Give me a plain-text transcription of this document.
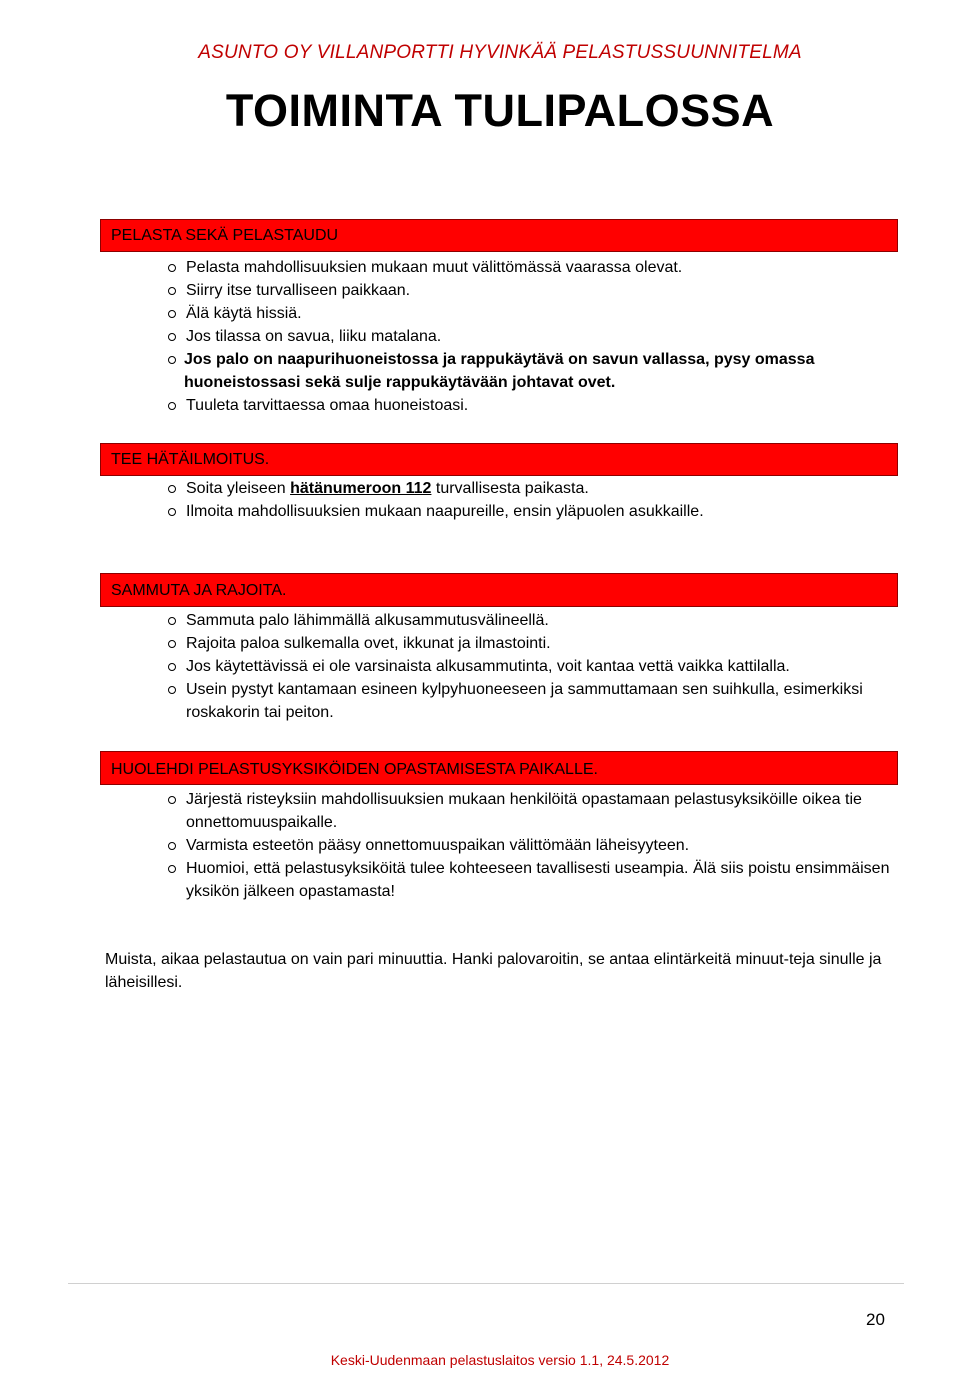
ASUNTO OY VILLANPORTTI HYVINKÄÄ PELASTUSSUUNNITELMA
TOIMINTA TULIPALOSSA
PELASTA SEKÄ PELASTAUDU
Pelasta mahdollisuuksien mukaan muut välittömässä vaarassa olevat.
Siirry itse turvalliseen paikkaan.
Älä käytä hissiä.
Jos tilassa on savua, liiku matalana.
Jos palo on naapurihuoneistossa ja rappukäytävä on savun vallassa, pysy omassa huoneistossasi sekä sulje rappukäytävään johtavat ovet.
Tuuleta tarvittaessa omaa huoneistoasi.
TEE HÄTÄILMOITUS.
Soita yleiseen hätänumeroon 112 turvallisesta paikasta.
Ilmoita mahdollisuuksien mukaan naapureille, ensin yläpuolen asukkaille.
SAMMUTA JA RAJOITA.
Sammuta palo lähimmällä alkusammutusvälineellä.
Rajoita paloa sulkemalla ovet, ikkunat ja ilmastointi.
Jos käytettävissä ei ole varsinaista alkusammutinta, voit kantaa vettä vaikka kattilalla.
Usein pystyt kantamaan esineen kylpyhuoneeseen ja sammuttamaan sen suihkulla, esimerkiksi roskakorin tai peiton.
HUOLEHDI PELASTUSYKSIKÖIDEN OPASTAMISESTA PAIKALLE.
Järjestä risteyksiin mahdollisuuksien mukaan henkilöitä opastamaan pelastusyksiköille oikea tie onnettomuuspaikalle.
Varmista esteetön pääsy onnettomuuspaikan välittömään läheisyyteen.
Huomioi, että pelastusyksiköitä tulee kohteeseen tavallisesti useampia. Älä siis poistu ensimmäisen yksikön jälkeen opastamasta!
Muista, aikaa pelastautua on vain pari minuuttia. Hanki palovaroitin, se antaa elintärkeitä minuut-teja sinulle ja läheisillesi.
20
Keski-Uudenmaan pelastuslaitos versio 1.1, 24.5.2012
